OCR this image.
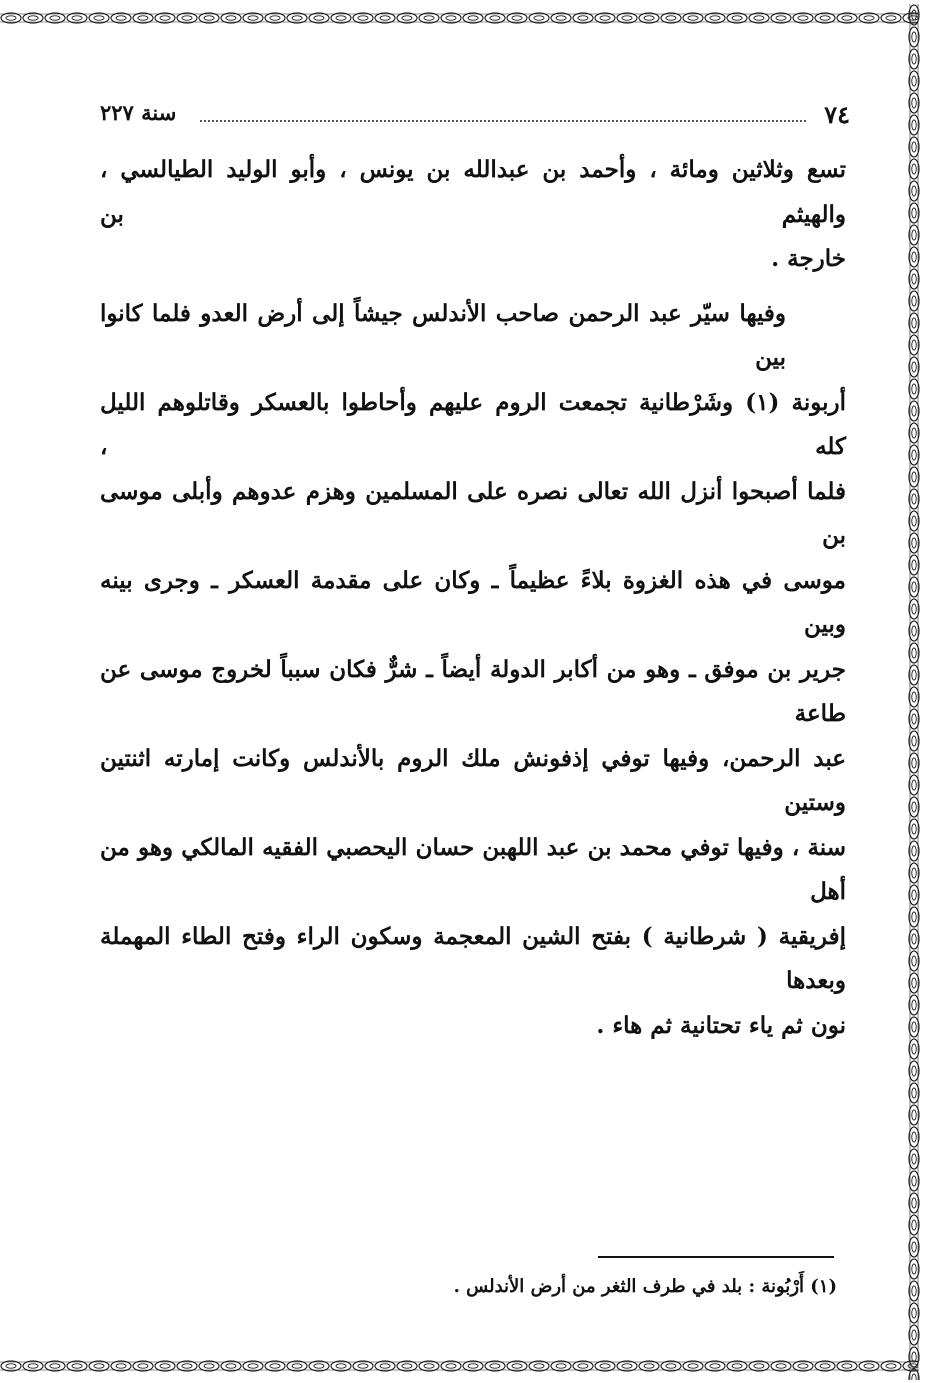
٧٤
سنة ٢٢٧

تسع وثلاثين ومائة ، وأحمد بن عبدالله بن يونس ، وأبو الوليد الطيالسي ، والهيثم بن
خارجة .

وفيها سيّر عبد الرحمن صاحب الأندلس جيشاً إلى أرض العدو فلما كانوا بين
أربونة (١) وشَرْطانية تجمعت الروم عليهم وأحاطوا بالعسكر وقاتلوهم الليل كله ،
فلما أصبحوا أنزل الله تعالى نصره على المسلمين وهزم عدوهم وأبلى موسى بن
موسى في هذه الغزوة بلاءً عظيماً ـ وكان على مقدمة العسكر ـ وجرى بينه وبين
جرير بن موفق ـ وهو من أكابر الدولة أيضاً ـ شرٌّ فكان سبباً لخروج موسى عن طاعة
عبد الرحمن، وفيها توفي إذفونش ملك الروم بالأندلس وكانت إمارته اثنتين وستين
سنة ، وفيها توفي محمد بن عبد اللهبن حسان اليحصبي الفقيه المالكي وهو من أهل
إفريقية ( شرطانية ) بفتح الشين المعجمة وسكون الراء وفتح الطاء المهملة وبعدها
نون ثم ياء تحتانية ثم هاء .

(١) أَرْبُونة : بلد في طرف الثغر من أرض الأندلس .
